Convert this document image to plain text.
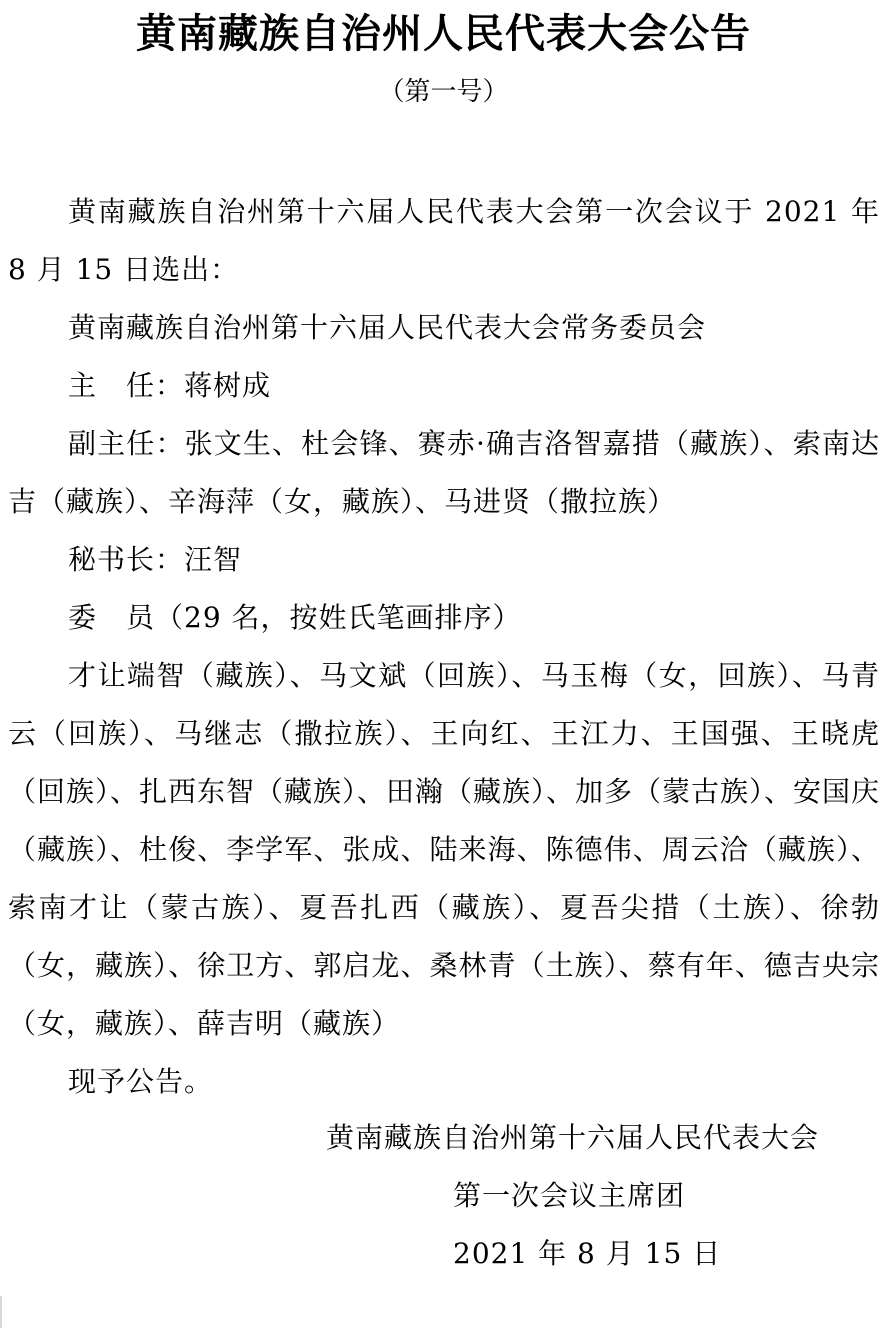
黄南藏族自治州人民代表大会公告
（第一号）

黄南藏族自治州第十六届人民代表大会第一次会议于 2021 年 8 月 15 日选出：

黄南藏族自治州第十六届人民代表大会常务委员会

主　任：蒋树成

副主任：张文生、杜会锋、赛赤·确吉洛智嘉措（藏族）、索南达吉（藏族）、辛海萍（女，藏族）、马进贤（撒拉族）

秘书长：汪智

委　员（29 名，按姓氏笔画排序）

才让端智（藏族）、马文斌（回族）、马玉梅（女，回族）、马青云（回族）、马继志（撒拉族）、王向红、王江力、王国强、王晓虎（回族）、扎西东智（藏族）、田瀚（藏族）、加多（蒙古族）、安国庆（藏族）、杜俊、李学军、张成、陆来海、陈德伟、周云洽（藏族）、索南才让（蒙古族）、夏吾扎西（藏族）、夏吾尖措（土族）、徐勃（女，藏族）、徐卫方、郭启龙、桑林青（土族）、蔡有年、德吉央宗（女，藏族）、薛吉明（藏族）

现予公告。

黄南藏族自治州第十六届人民代表大会
第一次会议主席团
2021 年 8 月 15 日
